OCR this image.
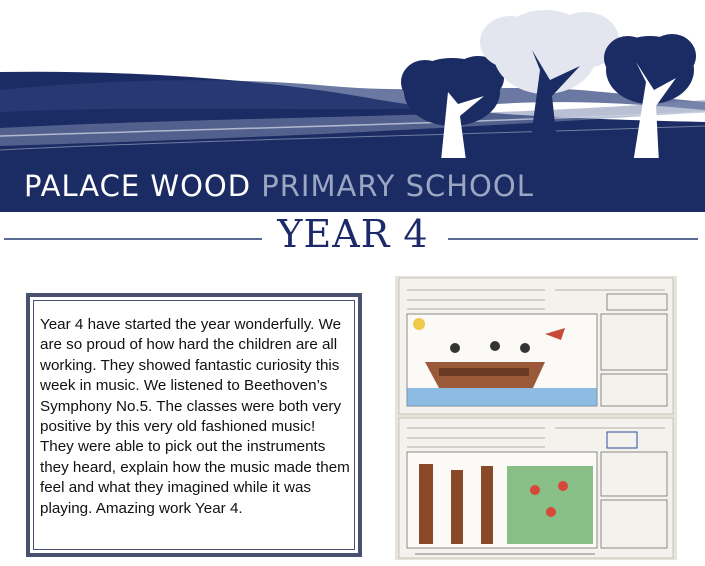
PALACE WOOD PRIMARY SCHOOL
YEAR 4
Year 4 have started the year wonderfully. We are so proud of how hard the children are all working. They showed fantastic curiosity this week in music. We listened to Beethoven’s Symphony No.5. The classes were both very positive by this very old fashioned music! They were able to pick out the instruments they heard, explain how the music made them feel and what they imagined while it was playing. Amazing work Year 4.
